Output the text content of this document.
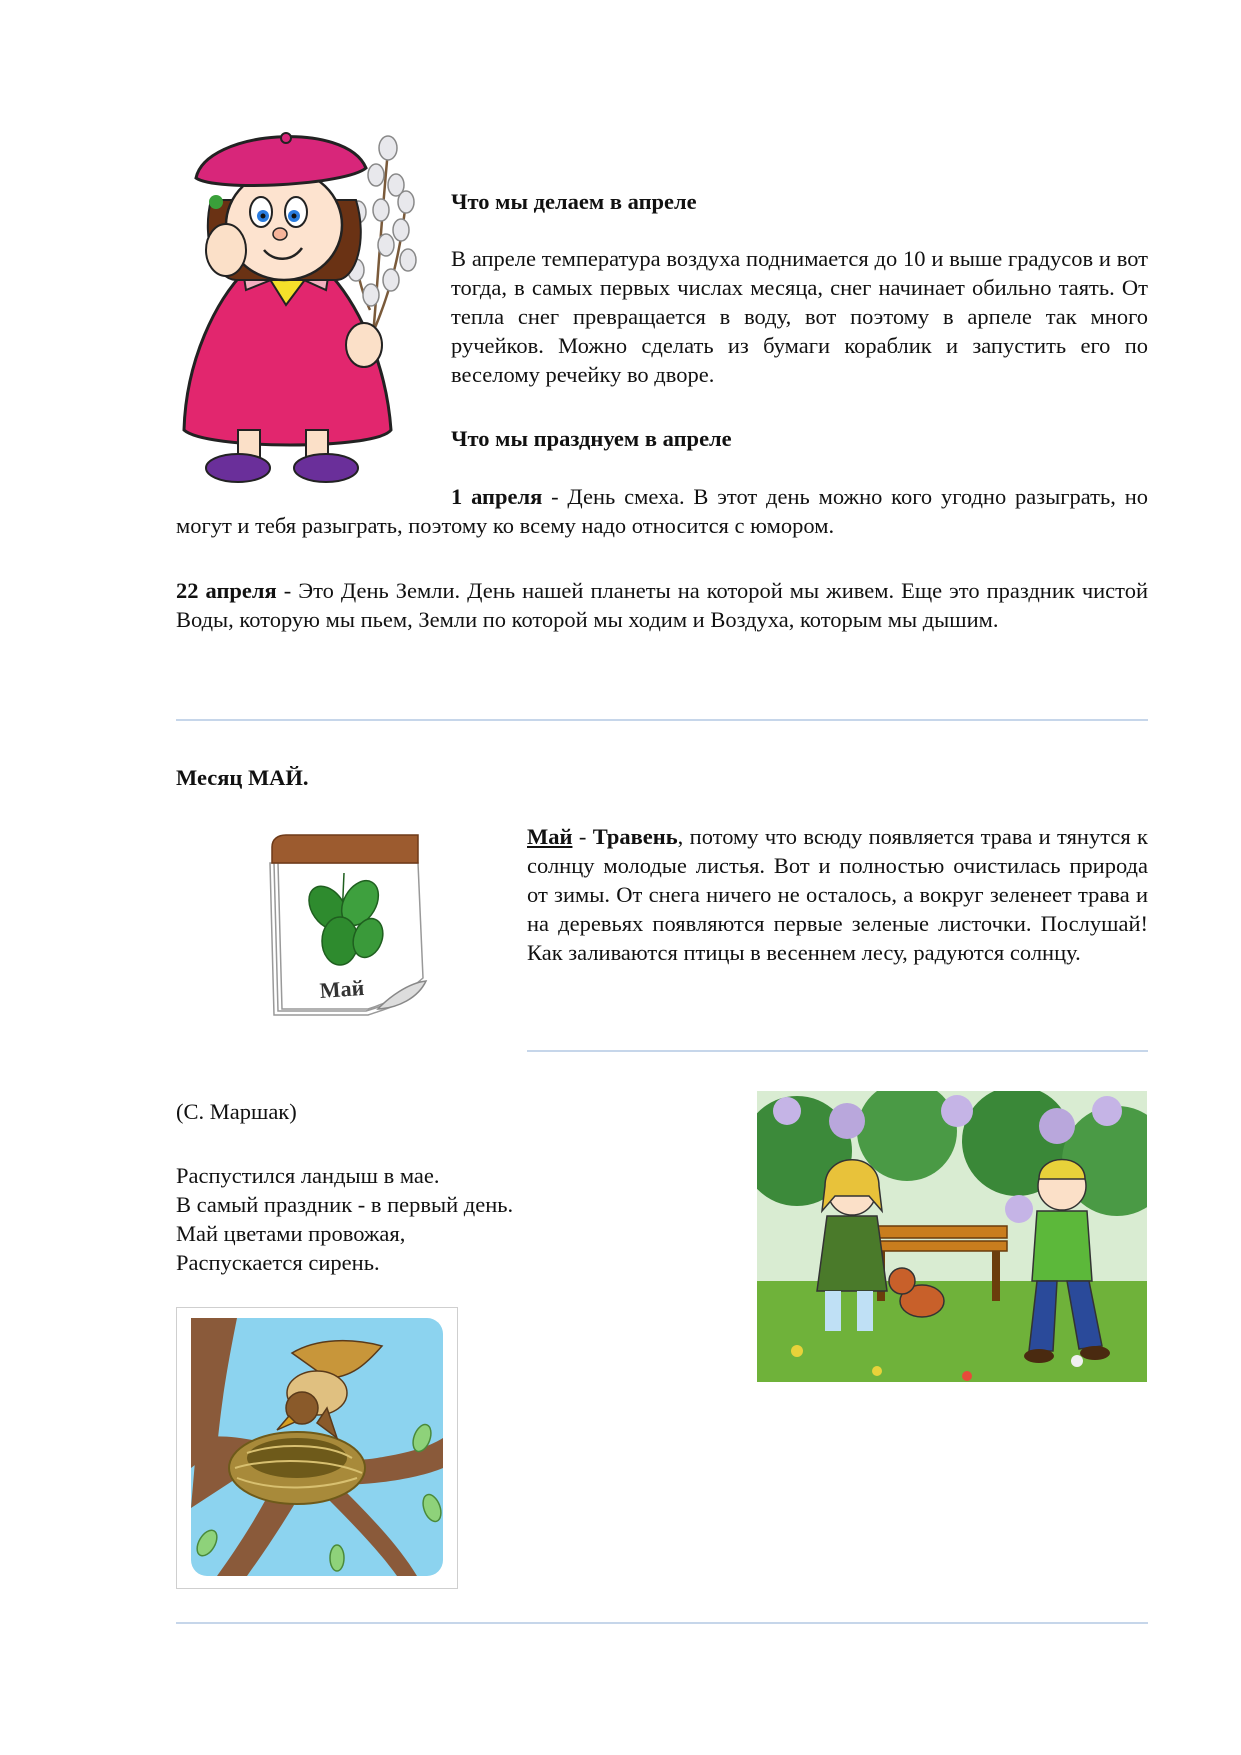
Что мы делаем в апреле
В апреле температура воздуха поднимается до 10 и выше градусов и вот тогда, в самых первых числах месяца, снег начинает обильно таять. От тепла снег превращается в воду, вот поэтому в арпеле так много ручейков. Можно сделать из бумаги кораблик и запустить его по веселому речейку во дворе.
Что мы празднуем в апреле
1 апреля - День смеха. В этот день можно кого угодно разыграть, но могут и тебя разыграть, поэтому ко всему надо относится с юмором.
22 апреля - Это День Земли. День нашей планеты на которой мы живем. Еще это праздник чистой Воды, которую мы пьем, Земли по которой мы ходим и Воздуха, которым мы дышим.
Месяц МАЙ.
Май
Май - Травень, потому что всюду появляется трава и тянутся к солнцу молодые листья. Вот и полностью очистилась природа от зимы. От снега ничего не осталось, а вокруг зеленеет трава и на деревьях появляются первые зеленые листочки. Послушай! Как заливаются птицы в весеннем лесу, радуются солнцу.
(С. Маршак)
Распустился ландыш в мае.
В самый праздник - в первый день.
Май цветами провожая,
Распускается сирень.
